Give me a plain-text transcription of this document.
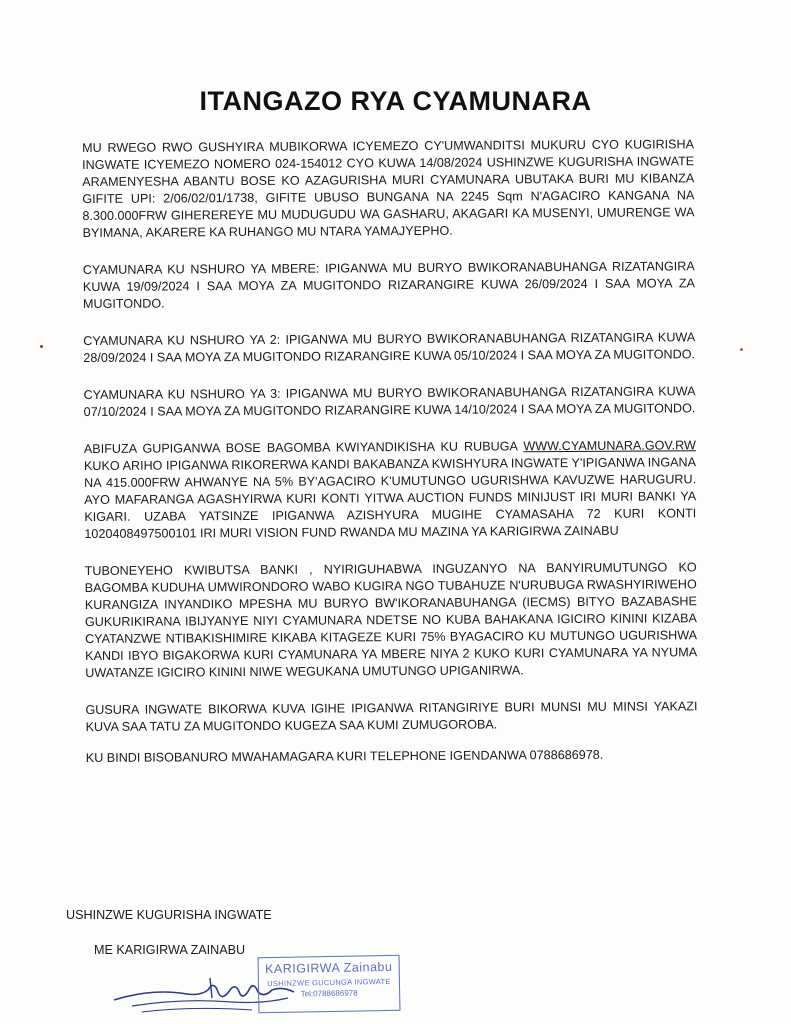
ITANGAZO RYA CYAMUNARA

MU RWEGO RWO GUSHYIRA MUBIKORWA ICYEMEZO CY'UMWANDITSI MUKURU CYO KUGIRISHA INGWATE ICYEMEZO NOMERO 024-154012 CYO KUWA 14/08/2024 USHINZWE KUGURISHA INGWATE ARAMENYESHA ABANTU BOSE KO AZAGURISHA MURI CYAMUNARA UBUTAKA BURI MU KIBANZA GIFITE UPI: 2/06/02/01/1738, GIFITE UBUSO BUNGANA NA 2245 Sqm N'AGACIRO KANGANA NA 8.300.000FRW GIHEREREYE MU MUDUGUDU WA GASHARU, AKAGARI KA MUSENYI, UMURENGE WA BYIMANA, AKARERE KA RUHANGO MU NTARA YAMAJYEPHO.

CYAMUNARA KU NSHURO YA MBERE: IPIGANWA MU BURYO BWIKORANABUHANGA RIZATANGIRA KUWA 19/09/2024 I SAA MOYA ZA MUGITONDO RIZARANGIRE KUWA 26/09/2024 I SAA MOYA ZA MUGITONDO.

CYAMUNARA KU NSHURO YA 2: IPIGANWA MU BURYO BWIKORANABUHANGA RIZATANGIRA KUWA 28/09/2024 I SAA MOYA ZA MUGITONDO RIZARANGIRE KUWA 05/10/2024 I SAA MOYA ZA MUGITONDO.

CYAMUNARA KU NSHURO YA 3: IPIGANWA MU BURYO BWIKORANABUHANGA RIZATANGIRA KUWA 07/10/2024 I SAA MOYA ZA MUGITONDO RIZARANGIRE KUWA 14/10/2024 I SAA MOYA ZA MUGITONDO.

ABIFUZA GUPIGANWA BOSE BAGOMBA KWIYANDIKISHA KU RUBUGA WWW.CYAMUNARA.GOV.RW KUKO ARIHO IPIGANWA RIKORERWA KANDI BAKABANZA KWISHYURA INGWATE Y'IPIGANWA INGANA NA 415.000FRW AHWANYE NA 5% BY'AGACIRO K'UMUTUNGO UGURISHWA KAVUZWE HARUGURU. AYO MAFARANGA AGASHYIRWA KURI KONTI YITWA AUCTION FUNDS MINIJUST IRI MURI BANKI YA KIGARI. UZABA YATSINZE IPIGANWA AZISHYURA MUGIHE CYAMASAHA 72 KURI KONTI 1020408497500101 IRI MURI VISION FUND RWANDA MU MAZINA YA KARIGIRWA ZAINABU

TUBONEYEHO KWIBUTSA BANKI , NYIRIGUHABWA INGUZANYO NA BANYIRUMUTUNGO KO BAGOMBA KUDUHA UMWIRONDORO WABO KUGIRA NGO TUBAHUZE N'URUBUGA RWASHYIRIWEHO KURANGIZA INYANDIKO MPESHA MU BURYO BW'IKORANABUHANGA (IECMS) BITYO BAZABASHE GUKURIKIRANA IBIJYANYE NIYI CYAMUNARA NDETSE NO KUBA BAHAKANA IGICIRO KININI KIZABA CYATANZWE NTIBAKISHIMIRE KIKABA KITAGEZE KURI 75% BYAGACIRO KU MUTUNGO UGURISHWA KANDI IBYO BIGAKORWA KURI CYAMUNARA YA MBERE NIYA 2 KUKO KURI CYAMUNARA YA NYUMA UWATANZE IGICIRO KININI NIWE WEGUKANA UMUTUNGO UPIGANIRWA.

GUSURA INGWATE BIKORWA KUVA IGIHE IPIGANWA RITANGIRIYE BURI MUNSI MU MINSI YAKAZI KUVA SAA TATU ZA MUGITONDO KUGEZA SAA KUMI ZUMUGOROBA.

KU BINDI BISOBANURO MWAHAMAGARA KURI TELEPHONE IGENDANWA 0788686978.

USHINZWE KUGURISHA INGWATE
ME KARIGIRWA ZAINABU
KARIGIRWA Zainabu
USHINZWE GUCUNGA INGWATE
Tel:0788686978
